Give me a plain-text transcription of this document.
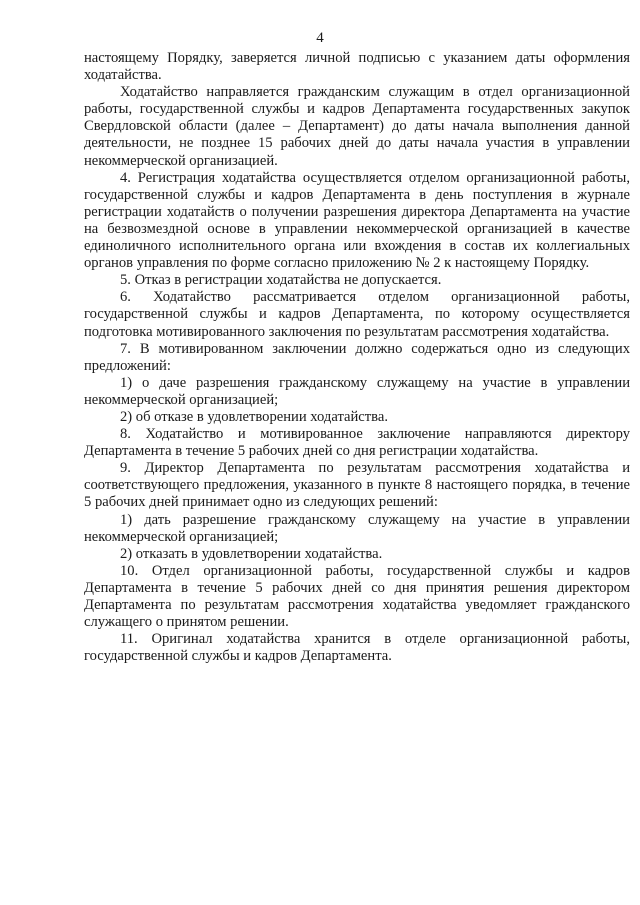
4

настоящему Порядку, заверяется личной подписью с указанием даты оформления ходатайства.

Ходатайство направляется гражданским служащим в отдел организационной работы, государственной службы и кадров Департамента государственных закупок Свердловской области (далее – Департамент) до даты начала выполнения данной деятельности, не позднее 15 рабочих дней до даты начала участия в управлении некоммерческой организацией.

4. Регистрация ходатайства осуществляется отделом организационной работы, государственной службы и кадров Департамента в день поступления в журнале регистрации ходатайств о получении разрешения директора Департамента на участие на безвозмездной основе в управлении некоммерческой организацией в качестве единоличного исполнительного органа или вхождения в состав их коллегиальных органов управления по форме согласно приложению № 2 к настоящему Порядку.

5. Отказ в регистрации ходатайства не допускается.

6. Ходатайство рассматривается отделом организационной работы, государственной службы и кадров Департамента, по которому осуществляется подготовка мотивированного заключения по результатам рассмотрения ходатайства.

7. В мотивированном заключении должно содержаться одно из следующих предложений:

1) о даче разрешения гражданскому служащему на участие в управлении некоммерческой организацией;

2) об отказе в удовлетворении ходатайства.

8. Ходатайство и мотивированное заключение направляются директору Департамента в течение 5 рабочих дней со дня регистрации ходатайства.

9. Директор Департамента по результатам рассмотрения ходатайства и соответствующего предложения, указанного в пункте 8 настоящего порядка, в течение 5 рабочих дней принимает одно из следующих решений:

1) дать разрешение гражданскому служащему на участие в управлении некоммерческой организацией;

2) отказать в удовлетворении ходатайства.

10. Отдел организационной работы, государственной службы и кадров Департамента в течение 5 рабочих дней со дня принятия решения директором Департамента по результатам рассмотрения ходатайства уведомляет гражданского служащего о принятом решении.

11. Оригинал ходатайства хранится в отделе организационной работы, государственной службы и кадров Департамента.
